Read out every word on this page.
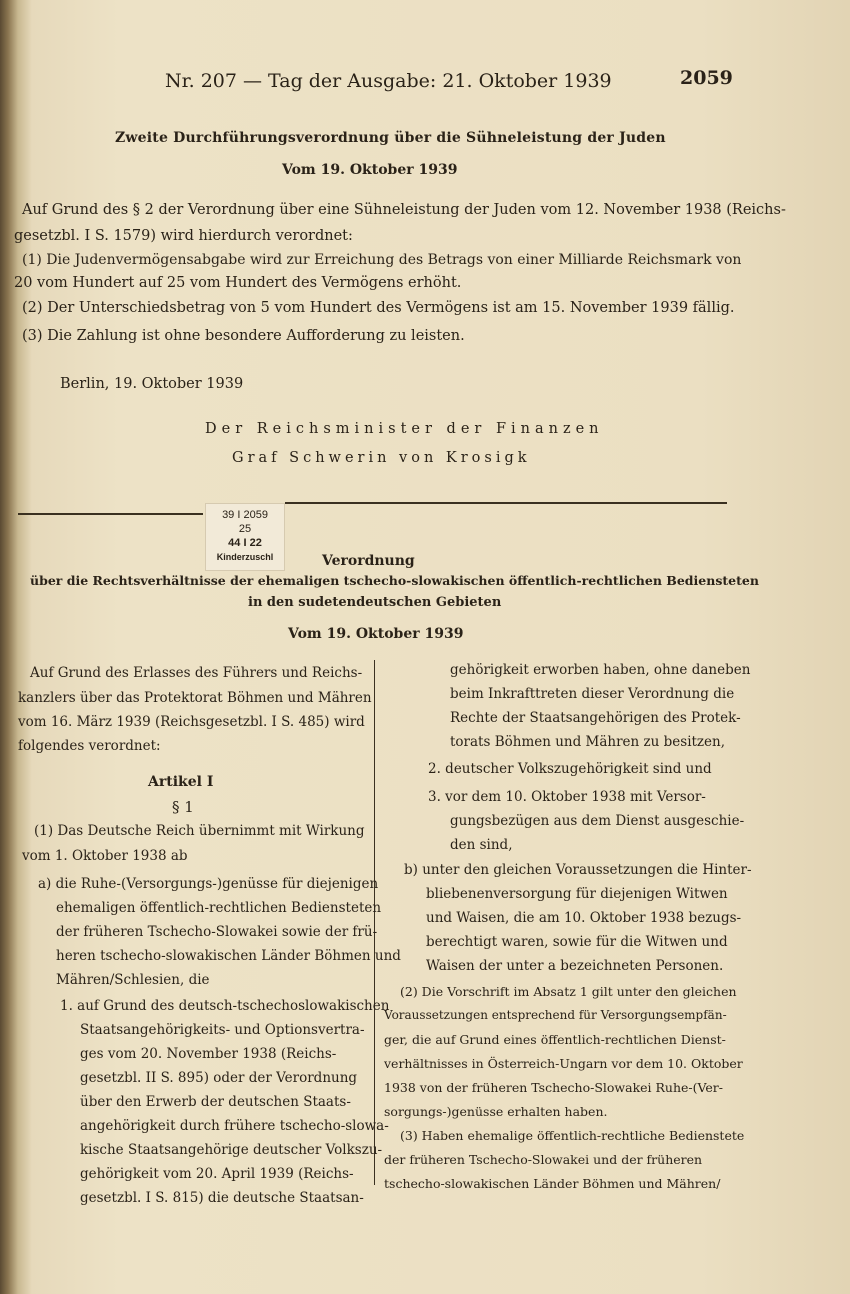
Nr. 207 — Tag der Ausgabe: 21. Oktober 1939	2059
Zweite Durchführungsverordnung über die Sühneleistung der Juden
Vom 19. Oktober 1939
Auf Grund des § 2 der Verordnung über eine Sühneleistung der Juden vom 12. November 1938 (Reichs-
gesetzbl. I S. 1579) wird hierdurch verordnet:
(1) Die Judenvermögensabgabe wird zur Erreichung des Betrags von einer Milliarde Reichsmark von
20 vom Hundert auf 25 vom Hundert des Vermögens erhöht.
(2) Der Unterschiedsbetrag von 5 vom Hundert des Vermögens ist am 15. November 1939 fällig.
(3) Die Zahlung ist ohne besondere Aufforderung zu leisten.
Berlin, 19. Oktober 1939
Der Reichsminister der Finanzen
Graf Schwerin von Krosigk
39 I 2059
25
44 I 22
Kinderzuschl	Verordnung
über die Rechtsverhältnisse der ehemaligen tschecho-slowakischen öffentlich-rechtlichen Bediensteten
in den sudetendeutschen Gebieten
Vom 19. Oktober 1939
Auf Grund des Erlasses des Führers und Reichs-
kanzlers über das Protektorat Böhmen und Mähren
vom 16. März 1939 (Reichsgesetzbl. I S. 485) wird
folgendes verordnet:
Artikel I
§ 1
(1) Das Deutsche Reich übernimmt mit Wirkung
vom 1. Oktober 1938 ab
a) die Ruhe-(Versorgungs-)genüsse für diejenigen
ehemaligen öffentlich-rechtlichen Bediensteten
der früheren Tschecho-Slowakei sowie der frü-
heren tschecho-slowakischen Länder Böhmen und
Mähren/Schlesien, die
1. auf Grund des deutsch-tschechoslowakischen
Staatsangehörigkeits- und Optionsvertra-
ges vom 20. November 1938 (Reichs-
gesetzbl. II S. 895) oder der Verordnung
über den Erwerb der deutschen Staats-
angehörigkeit durch frühere tschecho-slowa-
kische Staatsangehörige deutscher Volkszu-
gehörigkeit vom 20. April 1939 (Reichs-
gesetzbl. I S. 815) die deutsche Staatsan-
gehörigkeit erworben haben, ohne daneben
beim Inkrafttreten dieser Verordnung die
Rechte der Staatsangehörigen des Protek-
torats Böhmen und Mähren zu besitzen,
2. deutscher Volkszugehörigkeit sind und
3. vor dem 10. Oktober 1938 mit Versor-
gungsbezügen aus dem Dienst ausgeschie-
den sind,
b) unter den gleichen Voraussetzungen die Hinter-
bliebenenversorgung für diejenigen Witwen
und Waisen, die am 10. Oktober 1938 bezugs-
berechtigt waren, sowie für die Witwen und
Waisen der unter a bezeichneten Personen.
(2) Die Vorschrift im Absatz 1 gilt unter den gleichen
Voraussetzungen entsprechend für Versorgungsempfän-
ger, die auf Grund eines öffentlich-rechtlichen Dienst-
verhältnisses in Österreich-Ungarn vor dem 10. Oktober
1938 von der früheren Tschecho-Slowakei Ruhe-(Ver-
sorgungs-)genüsse erhalten haben.
(3) Haben ehemalige öffentlich-rechtliche Bedienstete
der früheren Tschecho-Slowakei und der früheren
tschecho-slowakischen Länder Böhmen und Mähren/
